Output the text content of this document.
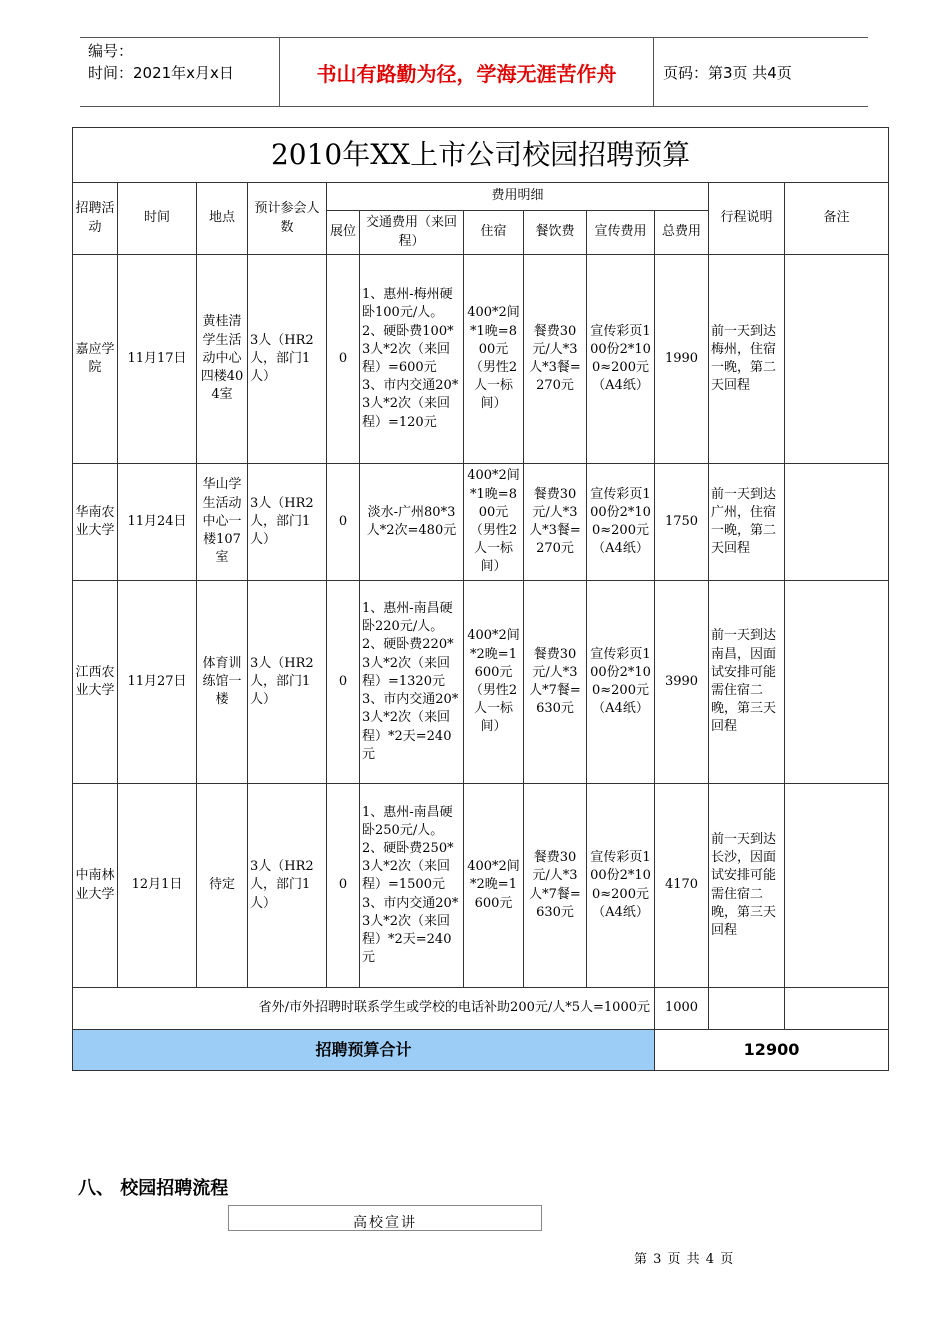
编号：
时间：2021年x月x日	书山有路勤为径，学海无涯苦作舟	页码：第3页 共4页
2010年XX上市公司校园招聘预算											
招聘活动	时间	地点	预计参会人数	费用明细						行程说明	备注
				展位	交通费用（来回程）	住宿	餐饮费	宣传费用	总费用		
嘉应学院	11月17日	黄桂清学生活动中心四楼404室	3人（HR2人，部门1人）	0	1、惠州-梅州硬卧100元/人。
2、硬卧费100*3人*2次（来回程）=600元
3、市内交通20*3人*2次（来回程）=120元	400*2间*1晚=800元（男性2人一标间）	餐费30元/人*3人*3餐=270元	宣传彩页100份2*100≈200元（A4纸）	1990	前一天到达梅州，住宿一晚，第二天回程	
华南农业大学	11月24日	华山学生活动中心一楼107室	3人（HR2人，部门1人）	0	淡水-广州80*3人*2次=480元	400*2间*1晚=800元（男性2人一标间）	餐费30元/人*3人*3餐=270元	宣传彩页100份2*100≈200元（A4纸）	1750	前一天到达广州，住宿一晚，第二天回程	
江西农业大学	11月27日	体育训练馆一楼	3人（HR2人，部门1人）	0	1、惠州-南昌硬卧220元/人。
2、硬卧费220*3人*2次（来回程）=1320元
3、市内交通20*3人*2次（来回程）*2天=240元	400*2间*2晚=1600元（男性2人一标间）	餐费30元/人*3人*7餐=630元	宣传彩页100份2*100≈200元（A4纸）	3990	前一天到达南昌，因面试安排可能需住宿二晚，第三天回程	
中南林业大学	12月1日	待定	3人（HR2人，部门1人）	0	1、惠州-南昌硬卧250元/人。
2、硬卧费250*3人*2次（来回程）=1500元
3、市内交通20*3人*2次（来回程）*2天=240元	400*2间*2晚=1600元	餐费30元/人*3人*7餐=630元	宣传彩页100份2*100≈200元（A4纸）	4170	前一天到达长沙，因面试安排可能需住宿二晚，第三天回程	
省外/市外招聘时联系学生或学校的电话补助200元/人*5人=1000元									1000		
招聘预算合计									12900		
八、 校园招聘流程
高校宣讲
第 3 页 共 4 页
